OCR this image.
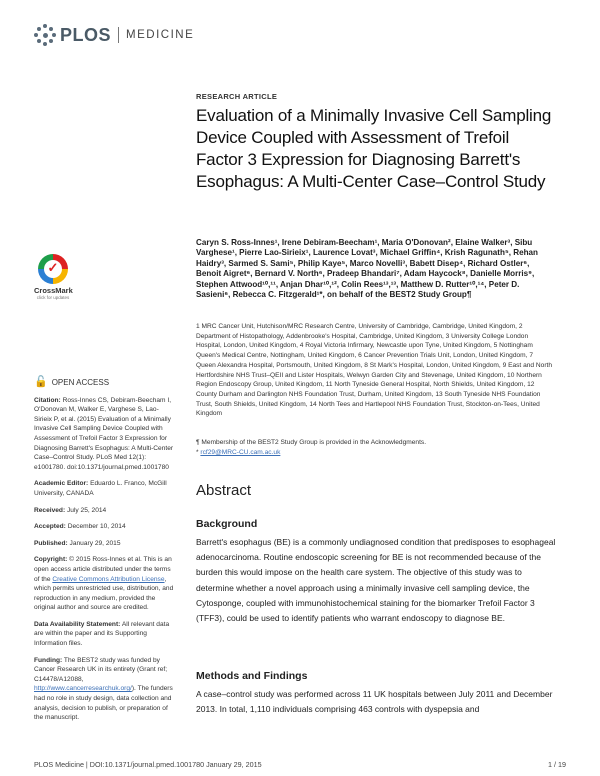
PLOS MEDICINE
✓
CrossMark
click for updates
🔓 OPEN ACCESS
Citation: Ross-Innes CS, Debiram-Beecham I, O'Donovan M, Walker E, Varghese S, Lao-Sirieix P, et al. (2015) Evaluation of a Minimally Invasive Cell Sampling Device Coupled with Assessment of Trefoil Factor 3 Expression for Diagnosing Barrett's Esophagus: A Multi-Center Case–Control Study. PLoS Med 12(1): e1001780. doi:10.1371/journal.pmed.1001780
Academic Editor: Eduardo L. Franco, McGill University, CANADA
Received: July 25, 2014
Accepted: December 10, 2014
Published: January 29, 2015
Copyright: © 2015 Ross-Innes et al. This is an open access article distributed under the terms of the Creative Commons Attribution License, which permits unrestricted use, distribution, and reproduction in any medium, provided the original author and source are credited.
Data Availability Statement: All relevant data are within the paper and its Supporting Information files.
Funding: The BEST2 study was funded by Cancer Research UK in its entirety (Grant ref; C14478/A12088, http://www.cancerresearchuk.org/). The funders had no role in study design, data collection and analysis, decision to publish, or preparation of the manuscript.
RESEARCH ARTICLE
Evaluation of a Minimally Invasive Cell Sampling Device Coupled with Assessment of Trefoil Factor 3 Expression for Diagnosing Barrett's Esophagus: A Multi-Center Case–Control Study
Caryn S. Ross-Innes¹, Irene Debiram-Beecham¹, Maria O'Donovan², Elaine Walker³, Sibu Varghese¹, Pierre Lao-Sirieix¹, Laurence Lovat³, Michael Griffin⁴, Krish Ragunath⁵, Rehan Haidry³, Sarmed S. Sami⁵, Philip Kaye⁵, Marco Novelli³, Babett Disep⁴, Richard Ostler⁶, Benoit Aigret⁶, Bernard V. North⁶, Pradeep Bhandari⁷, Adam Haycock⁸, Danielle Morris⁹, Stephen Attwood¹⁰,¹¹, Anjan Dhar¹⁰,¹², Colin Rees¹³,¹³, Matthew D. Rutter¹⁰,¹⁴, Peter D. Sasieni⁶, Rebecca C. Fitzgerald¹*, on behalf of the BEST2 Study Group¶
1 MRC Cancer Unit, Hutchison/MRC Research Centre, University of Cambridge, Cambridge, United Kingdom, 2 Department of Histopathology, Addenbrooke's Hospital, Cambridge, United Kingdom, 3 University College London Hospital, London, United Kingdom, 4 Royal Victoria Infirmary, Newcastle upon Tyne, United Kingdom, 5 Nottingham Queen's Medical Centre, Nottingham, United Kingdom, 6 Cancer Prevention Trials Unit, London, United Kingdom, 7 Queen Alexandra Hospital, Portsmouth, United Kingdom, 8 St Mark's Hospital, London, United Kingdom, 9 East and North Hertfordshire NHS Trust–QEII and Lister Hospitals, Welwyn Garden City and Stevenage, United Kingdom, 10 Northern Region Endoscopy Group, United Kingdom, 11 North Tyneside General Hospital, North Shields, United Kingdom, 12 County Durham and Darlington NHS Foundation Trust, Durham, United Kingdom, 13 South Tyneside NHS Foundation Trust, South Shields, United Kingdom, 14 North Tees and Hartlepool NHS Foundation Trust, Stockton-on-Tees, United Kingdom
¶ Membership of the BEST2 Study Group is provided in the Acknowledgments.
* rcf29@MRC-CU.cam.ac.uk
Abstract
Background
Barrett's esophagus (BE) is a commonly undiagnosed condition that predisposes to esophageal adenocarcinoma. Routine endoscopic screening for BE is not recommended because of the burden this would impose on the health care system. The objective of this study was to determine whether a novel approach using a minimally invasive cell sampling device, the Cytosponge, coupled with immunohistochemical staining for the biomarker Trefoil Factor 3 (TFF3), could be used to identify patients who warrant endoscopy to diagnose BE.
Methods and Findings
A case–control study was performed across 11 UK hospitals between July 2011 and December 2013. In total, 1,110 individuals comprising 463 controls with dyspepsia and
PLOS Medicine | DOI:10.1371/journal.pmed.1001780 January 29, 2015	1 / 19
